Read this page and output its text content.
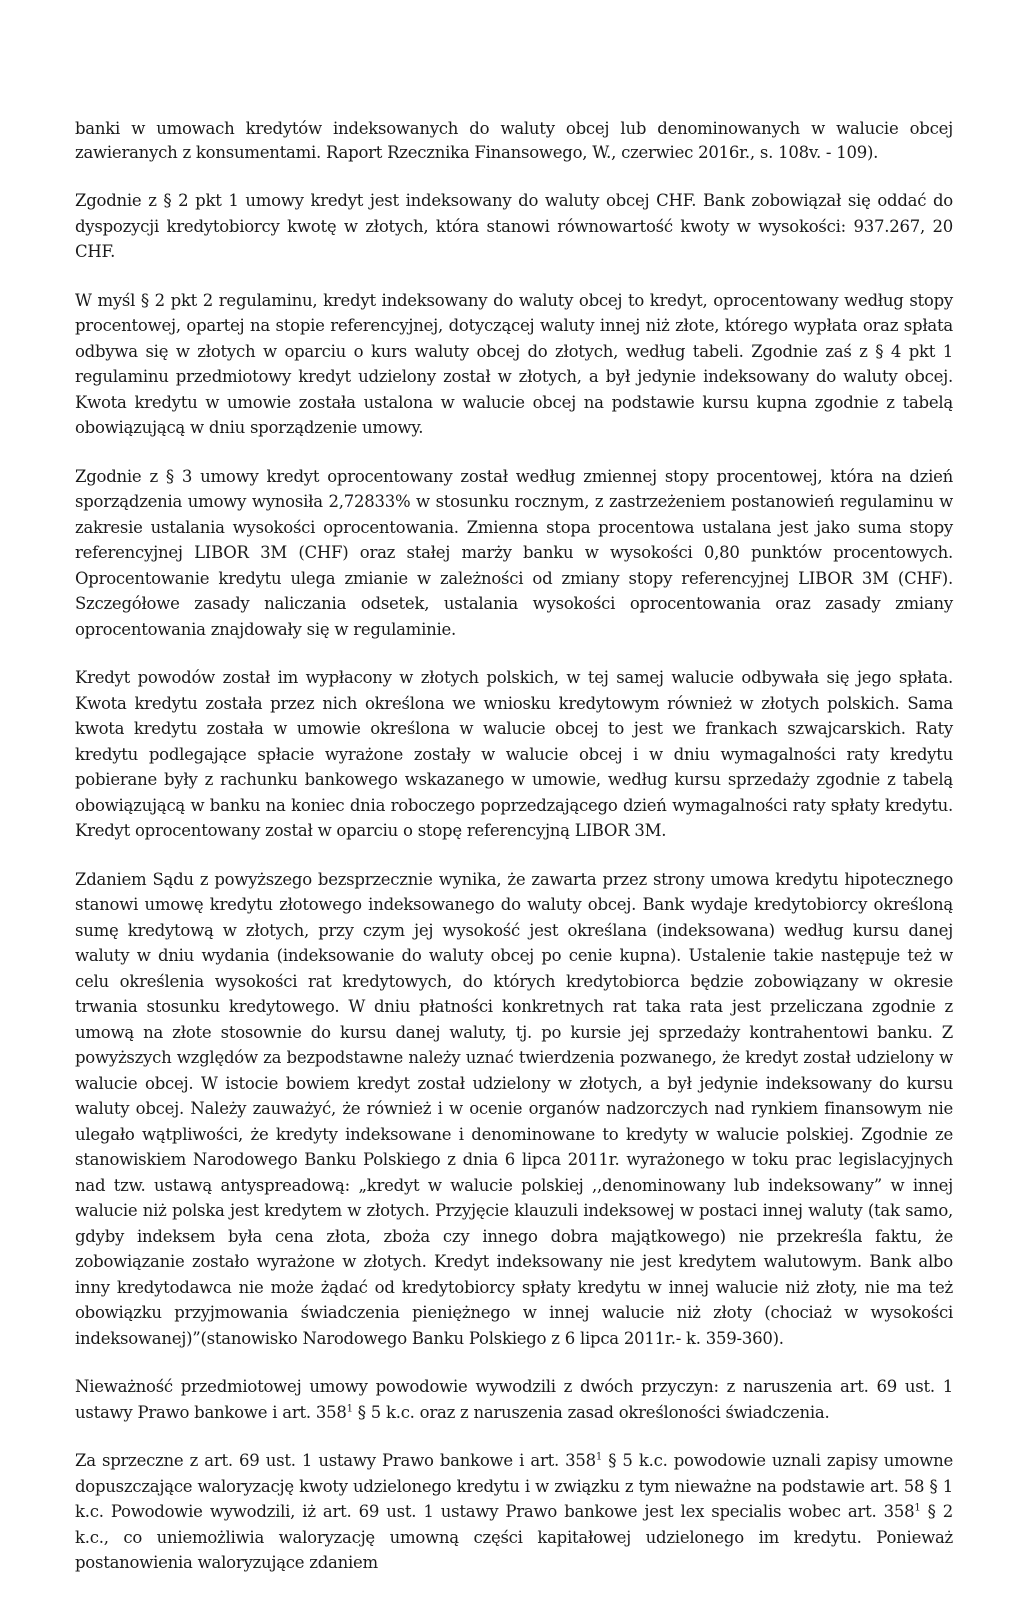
banki w umowach kredytów indeksowanych do waluty obcej lub denominowanych w walucie obcej zawieranych z konsumentami. Raport Rzecznika Finansowego, W., czerwiec 2016r., s. 108v. - 109).

Zgodnie z § 2 pkt 1 umowy kredyt jest indeksowany do waluty obcej CHF. Bank zobowiązał się oddać do dyspozycji kredytobiorcy kwotę w złotych, która stanowi równowartość kwoty w wysokości: 937.267, 20 CHF.

W myśl § 2 pkt 2 regulaminu, kredyt indeksowany do waluty obcej to kredyt, oprocentowany według stopy procentowej, opartej na stopie referencyjnej, dotyczącej waluty innej niż złote, którego wypłata oraz spłata odbywa się w złotych w oparciu o kurs waluty obcej do złotych, według tabeli. Zgodnie zaś z § 4 pkt 1 regulaminu przedmiotowy kredyt udzielony został w złotych, a był jedynie indeksowany do waluty obcej. Kwota kredytu w umowie została ustalona w walucie obcej na podstawie kursu kupna zgodnie z tabelą obowiązującą w dniu sporządzenie umowy.

Zgodnie z § 3 umowy kredyt oprocentowany został według zmiennej stopy procentowej, która na dzień sporządzenia umowy wynosiła 2,72833% w stosunku rocznym, z zastrzeżeniem postanowień regulaminu w zakresie ustalania wysokości oprocentowania. Zmienna stopa procentowa ustalana jest jako suma stopy referencyjnej LIBOR 3M (CHF) oraz stałej marży banku w wysokości 0,80 punktów procentowych. Oprocentowanie kredytu ulega zmianie w zależności od zmiany stopy referencyjnej LIBOR 3M (CHF). Szczegółowe zasady naliczania odsetek, ustalania wysokości oprocentowania oraz zasady zmiany oprocentowania znajdowały się w regulaminie.

Kredyt powodów został im wypłacony w złotych polskich, w tej samej walucie odbywała się jego spłata. Kwota kredytu została przez nich określona we wniosku kredytowym również w złotych polskich. Sama kwota kredytu została w umowie określona w walucie obcej to jest we frankach szwajcarskich. Raty kredytu podlegające spłacie wyrażone zostały w walucie obcej i w dniu wymagalności raty kredytu pobierane były z rachunku bankowego wskazanego w umowie, według kursu sprzedaży zgodnie z tabelą obowiązującą w banku na koniec dnia roboczego poprzedzającego dzień wymagalności raty spłaty kredytu. Kredyt oprocentowany został w oparciu o stopę referencyjną LIBOR 3M.

Zdaniem Sądu z powyższego bezsprzecznie wynika, że zawarta przez strony umowa kredytu hipotecznego stanowi umowę kredytu złotowego indeksowanego do waluty obcej. Bank wydaje kredytobiorcy określoną sumę kredytową w złotych, przy czym jej wysokość jest określana (indeksowana) według kursu danej waluty w dniu wydania (indeksowanie do waluty obcej po cenie kupna). Ustalenie takie następuje też w celu określenia wysokości rat kredytowych, do których kredytobiorca będzie zobowiązany w okresie trwania stosunku kredytowego. W dniu płatności konkretnych rat taka rata jest przeliczana zgodnie z umową na złote stosownie do kursu danej waluty, tj. po kursie jej sprzedaży kontrahentowi banku. Z powyższych względów za bezpodstawne należy uznać twierdzenia pozwanego, że kredyt został udzielony w walucie obcej. W istocie bowiem kredyt został udzielony w złotych, a był jedynie indeksowany do kursu waluty obcej. Należy zauważyć, że również i w ocenie organów nadzorczych nad rynkiem finansowym nie ulegało wątpliwości, że kredyty indeksowane i denominowane to kredyty w walucie polskiej. Zgodnie ze stanowiskiem Narodowego Banku Polskiego z dnia 6 lipca 2011r. wyrażonego w toku prac legislacyjnych nad tzw. ustawą antyspreadową: „kredyt w walucie polskiej ,,denominowany lub indeksowany” w innej walucie niż polska jest kredytem w złotych. Przyjęcie klauzuli indeksowej w postaci innej waluty (tak samo, gdyby indeksem była cena złota, zboża czy innego dobra majątkowego) nie przekreśla faktu, że zobowiązanie zostało wyrażone w złotych. Kredyt indeksowany nie jest kredytem walutowym. Bank albo inny kredytodawca nie może żądać od kredytobiorcy spłaty kredytu w innej walucie niż złoty, nie ma też obowiązku przyjmowania świadczenia pieniężnego w innej walucie niż złoty (chociaż w wysokości indeksowanej)”(stanowisko Narodowego Banku Polskiego z 6 lipca 2011r.- k. 359-360).

Nieważność przedmiotowej umowy powodowie wywodzili z dwóch przyczyn: z naruszenia art. 69 ust. 1 ustawy Prawo bankowe i art. $358^1$ § 5 k.c. oraz z naruszenia zasad określoności świadczenia.

Za sprzeczne z art. 69 ust. 1 ustawy Prawo bankowe i art. $358^1$ § 5 k.c. powodowie uznali zapisy umowne dopuszczające waloryzację kwoty udzielonego kredytu i w związku z tym nieważne na podstawie art. 58 § 1 k.c. Powodowie wywodzili, iż art. 69 ust. 1 ustawy Prawo bankowe jest lex specialis wobec art. $358^1$ § 2 k.c., co uniemożliwia waloryzację umowną części kapitałowej udzielonego im kredytu. Ponieważ postanowienia waloryzujące zdaniem
